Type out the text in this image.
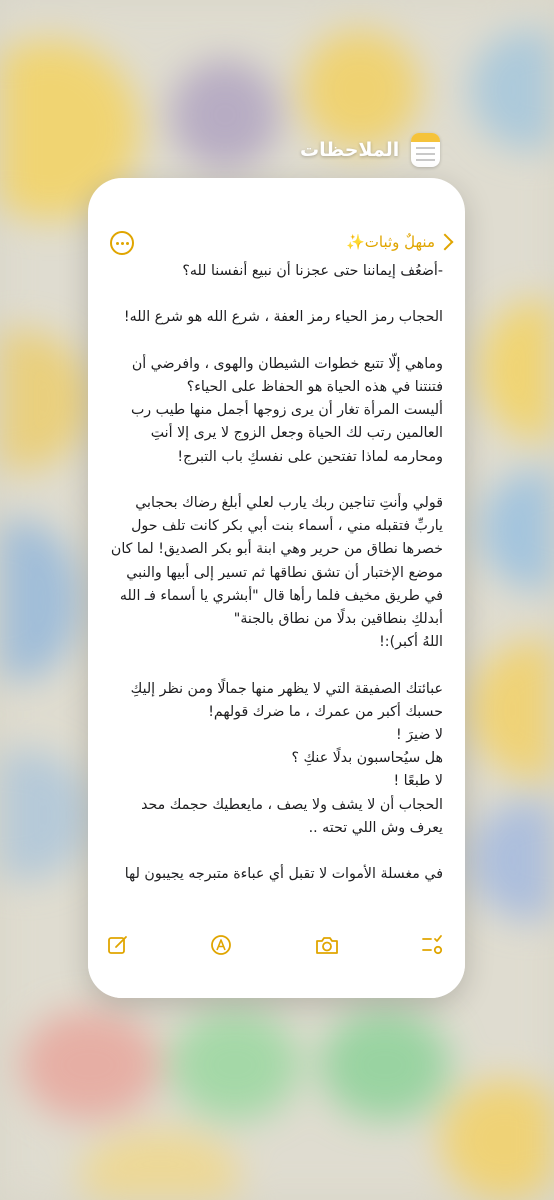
الملاحظات
منهلٌ وثبات✨

-أضعُف إيماننا حتى عجزنا أن نبيع أنفسنا لله؟

الحجاب رمز الحياء رمز العفة ، شرع الله هو شرع الله!

وماهي إلّا تتبع خطوات الشيطان والهوى ، وافرضي أن فتنتنا في هذه الحياة هو الحفاظ على الحياء؟

أليست المرأة تغار أن يرى زوجها أجمل منها طيب رب العالمين رتب لك الحياة وجعل الزوج لا يرى إلا أنتِ ومحارمه لماذا تفتحين على نفسكِ باب التبرج!

قولي وأنتِ تناجين ربك يارب لعلي أبلغ رضاك بحجابي ياربِّ فتقبله مني ، أسماء بنت أبي بكر كانت تلف حول خصرها نطاق من حرير وهي ابنة أبو بكر الصديق! لما كان موضع الإختبار أن تشق نطاقها ثم تسير إلى أبيها والنبي في طريق مخيف فلما رأها قال "أبشري يا أسماء فـ الله أبدلكِ بنطاقين بدلًا من نطاق بالجنة"

اللهُ أكبر):!

عبائتك الصفيقة التي لا يظهر منها جمالًا ومن نظر إليكِ حسبك أكبر من عمرك ، ما ضرك قولهم!

لا ضيرَ !

هل سيُحاسبون بدلًا عنكِ ؟

لا طبعًا !

الحجاب أن لا يشف ولا يصف ، مايعطيك حجمك محد يعرف وش اللي تحته ..

في مغسلة الأموات لا تقبل أي عباءة متبرجه يجيبون لها
